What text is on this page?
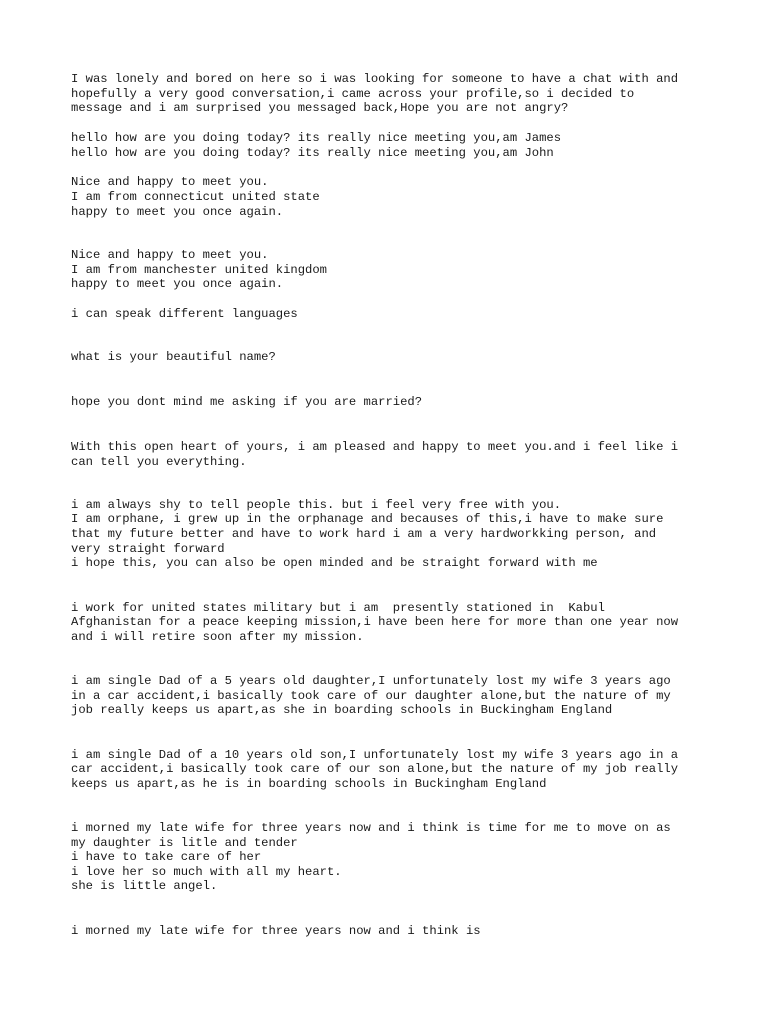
I was lonely and bored on here so i was looking for someone to have a chat with and

hopefully a very good conversation,i came across your profile,so i decided to

message and i am surprised you messaged back,Hope you are not angry?

hello how are you doing today? its really nice meeting you,am James

hello how are you doing today? its really nice meeting you,am John

Nice and happy to meet you.

I am from connecticut united state

happy to meet you once again.

Nice and happy to meet you.

I am from manchester united kingdom

happy to meet you once again.

i can speak different languages

what is your beautiful name?

hope you dont mind me asking if you are married?

With this open heart of yours, i am pleased and happy to meet you.and i feel like i

can tell you everything.

i am always shy to tell people this. but i feel very free with you.

I am orphane, i grew up in the orphanage and becauses of this,i have to make sure

that my future better and have to work hard i am a very hardworkking person, and

very straight forward

i hope this, you can also be open minded and be straight forward with me

i work for united states military but i am  presently stationed in  Kabul

Afghanistan for a peace keeping mission,i have been here for more than one year now

and i will retire soon after my mission.

i am single Dad of a 5 years old daughter,I unfortunately lost my wife 3 years ago

in a car accident,i basically took care of our daughter alone,but the nature of my

job really keeps us apart,as she in boarding schools in Buckingham England

i am single Dad of a 10 years old son,I unfortunately lost my wife 3 years ago in a

car accident,i basically took care of our son alone,but the nature of my job really

keeps us apart,as he is in boarding schools in Buckingham England

i morned my late wife for three years now and i think is time for me to move on as

my daughter is litle and tender

i have to take care of her

i love her so much with all my heart.

she is little angel.

i morned my late wife for three years now and i think is
